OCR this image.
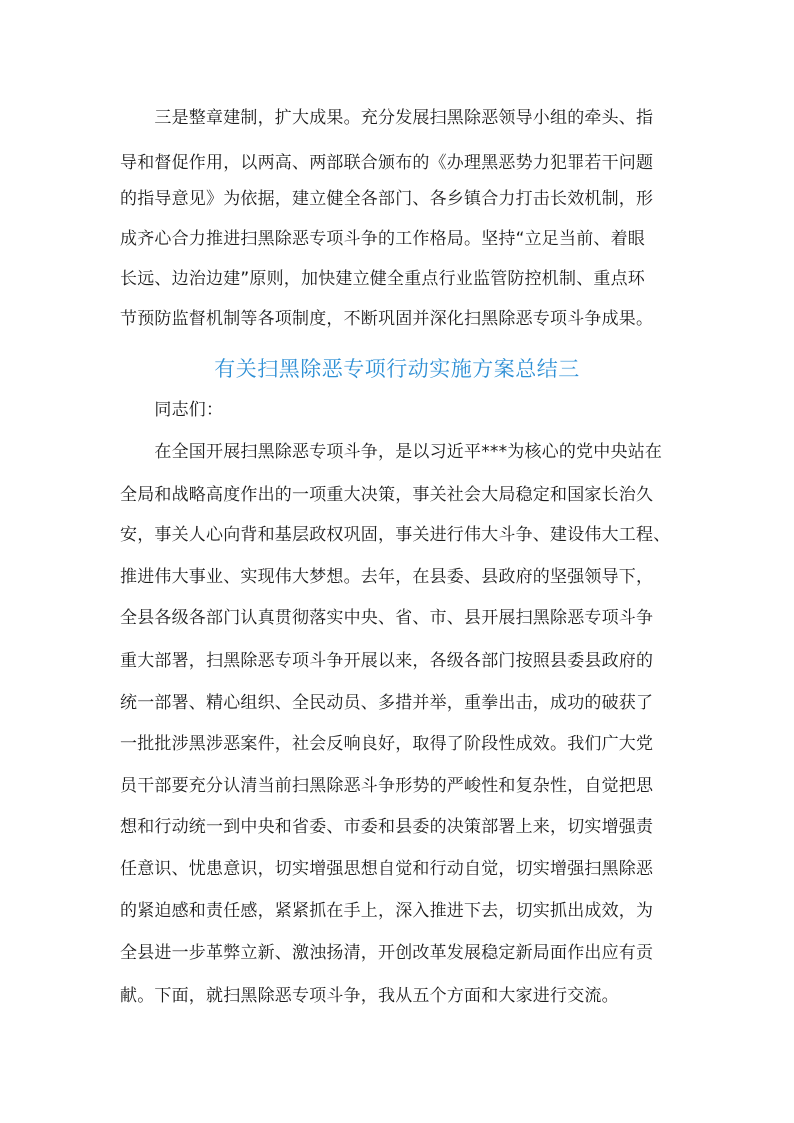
　　三是整章建制，扩大成果。充分发展扫黑除恶领导小组的牵头、指
导和督促作用，以两高、两部联合颁布的《办理黑恶势力犯罪若干问题
的指导意见》为依据，建立健全各部门、各乡镇合力打击长效机制，形
成齐心合力推进扫黑除恶专项斗争的工作格局。坚持“立足当前、着眼
长远、边治边建”原则，加快建立健全重点行业监管防控机制、重点环
节预防监督机制等各项制度，不断巩固并深化扫黑除恶专项斗争成果。
有关扫黑除恶专项行动实施方案总结三
　　同志们：
　　在全国开展扫黑除恶专项斗争，是以习近平***为核心的党中央站在
全局和战略高度作出的一项重大决策，事关社会大局稳定和国家长治久
安，事关人心向背和基层政权巩固，事关进行伟大斗争、建设伟大工程、
推进伟大事业、实现伟大梦想。去年，在县委、县政府的坚强领导下，
全县各级各部门认真贯彻落实中央、省、市、县开展扫黑除恶专项斗争
重大部署，扫黑除恶专项斗争开展以来，各级各部门按照县委县政府的
统一部署、精心组织、全民动员、多措并举，重拳出击，成功的破获了
一批批涉黑涉恶案件，社会反响良好，取得了阶段性成效。我们广大党
员干部要充分认清当前扫黑除恶斗争形势的严峻性和复杂性，自觉把思
想和行动统一到中央和省委、市委和县委的决策部署上来，切实增强责
任意识、忧患意识，切实增强思想自觉和行动自觉，切实增强扫黑除恶
的紧迫感和责任感，紧紧抓在手上，深入推进下去，切实抓出成效，为
全县进一步革弊立新、激浊扬清，开创改革发展稳定新局面作出应有贡
献。下面，就扫黑除恶专项斗争，我从五个方面和大家进行交流。
